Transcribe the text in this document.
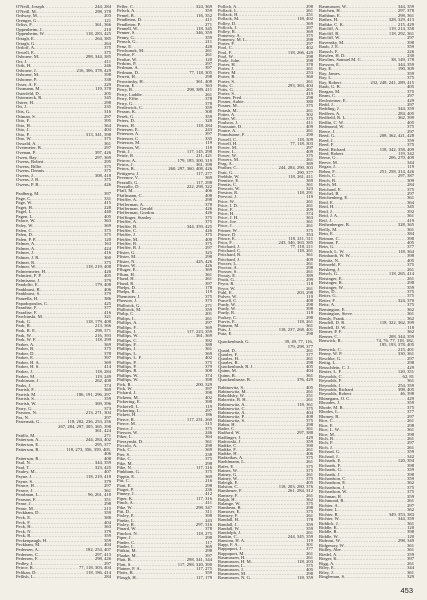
O'Neill, Joseph
.....	244, 284
O'Neill, M.
.....	298, 378
Ordway, M.
.....	203
Orenger, G.
.....	121
Orliss, F.
.....	361, 366
Oppenheim, J.
.....	210
Oppenheim, W.
.....	118, 283, 425
Ortagh, E.
.....	264, 385
Ortagh, G.
.....	264
Ortloff, A.
.....	375
Orwell, E.
.....	375
Osborne, M.
.....	298, 344, 385
Orr, J.
.....	411
Orth, H.
.....	246
Osborne, J.
.....	216, 306, 378, 429
Osborne, M.
.....	398
Osborne, P.
.....	338
Osser, A. F.
.....	229
Ossmann, M.
.....	119, 378
Osterfeld, D.
.....	205
Ostermeck, R.
.....	345
Ostrer, H.
.....	298
Ott, J.
.....	235
Otis, G.
.....	316
Ottman, S.
.....	297
Otto, F.
.....	395
Otto, H.
.....	364
Otto, J.
.....	404
Otto, P.
.....	313, 341, 398
Otto, W.
.....	375
Oswald, A.
.....	361
Overmeier, B.
.....	297
Ovenan, P.
.....	397, 426
Owen, Ray
.....	297, 369
Owens, Robert
.....	295
Owens, Billie
.....	375
Owens, Dennis
.....	375
Owens, J.
.....	308, 418
Owens, J. B.
.....	375
Owens, P. R.
.....	426
Paalberg, M.
.....	397
Page, C.
.....	331
Page, W.
.....	415
Paget, H.
.....	228
Pagel, L.
.....	440
Pagen, L.
.....	405
Palace, W.
.....	363
Paley, W.
.....	369
Palen, C.
.....	375
Palen, D.
.....	375
Palen, P. P.
.....	120
Palmer, A.
.....	163
Palmer, A.
.....	424
Palmer, J.
.....	416
Palmer, J. R.
.....	360
Palmer, R.
.....	375
Palmer, W.
.....	118, 219, 408
Palmermeier, H.
.....	426
Palmieri, F. P.
.....	405
Palmisano, J.
.....	379
Pandolfo, E.
.....	179, 408
Pankhurst, R.
.....	406
Pankhurst, S.
.....	379
Panzella, H.
.....	386
Papadopoulos, C.
.....	425
Paradise, F.
.....	377
Paradise, F.
.....	416
Parchinski, M.
.....	321
Park, G.
.....	118, 179, 408
Park, R.
.....	213, 366
Park, R. E.
.....	298, 371
Park, W.
.....	216, 393
Park, W. F.
.....	118, 299
Parker, A.
.....	369
Parker, B.
.....	375
Parker, D.
.....	378
Parker, E.
.....	397
Parker, H. A.
.....	369
Parker, H. S.
.....	414
Parker, J.
.....	118, 284
Parker, M.
.....	119, 249
Parkinson, J.
.....	262, 408
Parks, J.
.....	374
Parrish, F.
.....	369
Parrish, M.
.....	186, 191, 296, 297
Parrish, S.
.....	359
Parrish, W.
.....	369, 396
Parry, G.
.....	373
Parsons, N.
.....	213, 271, 304
Pas, N.
.....	297
Pasternak, G.
.....	118, 202, 236, 253, 256
267, 284, 297, 305, 365, 398
361, 424
Patillo, M.
.....	271
Patterson, A.
.....	244, 284, 402
Patterson, E.
.....	295, 377
Patterson, R.
.....	118, 273, 356, 359, 405,
406
Patterson, R.
.....	408
Paul, N.
.....	344, 359
Paul, T.
.....	323, 425
Pauley, M.
.....	407
Payne, J.
.....	118, 219, 418
Payne, S.
.....	379
Pearce, H.
.....	297
Pearce, J.
.....	361
Pearlman, L.
.....	96, 261, 418
Pearson, F.
.....	351
Pease, J.
.....	298
Pease, M.
.....	215
Peckham, D.
.....	359
Peck, E.
.....	388
Peck, F.
.....	404
Peck, H.
.....	363
Peck, N.
.....	379
Peck, R.
.....	359
Peckenpaugh, H.
.....	359
Peckham, M.
.....	404
Pedersen, A.
.....	182, 254, 407
Pedersen, C.
.....	297, 413
Pedersen, F.
.....	298, 426
Pedley, J.
.....	297
Peirce, R.
.....	77, 118, 303, 404
Pelikan, D.
.....	118, 186, 414
Pellish, L.
.....	284
Peller, C.
.....	324, 369
Pelsch, A.
.....	359
Pemel, R.
.....	116, 352
Pendleton, D.
.....	411
Pendleton, P.
.....	271
Pennell, W.
.....	118, 345
Penner, S.
.....	346, 359
Penny, G.
.....	359
Pensch, G.
.....	211
Penz, E.
.....	428
Perchonok, M.
.....	261
Perdue, F.
.....	261
Perdue, W.
.....	120
Perkins, P.
.....	297
Perlman, A.
.....	397
Perlman, D.
.....	77, 118, 305
Perrett, H.
.....	298
Perozinsky, H.
.....	361, 408
Perron, E.
.....	363
Perry, R.
.....	298, 389, 411
Perry, Laddie
.....	261
Perry, Effie
.....	378
Perry, G.
.....	378
Pertlewick, C.
.....	359
Perzan, K.
.....	308
Pesek, G.
.....	359
Peters, D.
.....	328
Peters, H.
.....	118, 284
Petersen, E.
.....	243
Peterson, A.
.....	397
Peterson, C.
.....	335
Peterson, M.
.....	119
Peterson, W.
.....	118
Petit, J.
.....	117, 145, 298
Petrie, R.
.....	211, 421
Petrow, A.
.....	179, 185, 300, 319
Petros, J.
.....	361, 398
Petros, R.
.....	260, 297, 360, 408, 426
Pettigrew, J.
.....	117, 277
Pevenov, V.
.....	369
Pezzulli, G.
.....	117, 298
Pezzullo, D.
.....	222, 298, 322
Pfaff, M.
.....	406
Pfaffmann, C.
.....	408
Pfeiffer, A.
.....	298
Pfefferman, A.
.....	378
Pfefferman, Gerald
.....	426
Pfefferman, Gordon
.....	426
Pfeffinger, Stanley
.....	375
Pfeiffer, A.
.....	375
Pfeiffer, B.
.....	344, 359, 425
Pfeiffer, C.
.....	426
Pfeiffer, J.
.....	375
Pfeiffer, M.
.....	408
Pfeiffer, R.
.....	375
Pfeiffer, R. J.
.....	297
Pfister, G.
.....	325
Pfister, M.
.....	298
Pfister, N.
.....	425, 426
Pfister, W.
.....	426
Pfluger, E.
.....	369
Pflum, H.
.....	361
Pfund, H.
.....	261
Pfund, R.
.....	397
Phelps, D.
.....	178
Phelps, R.
.....	119
Phemister, J.
.....	375
Pherson, J.
.....	375
Philbrick, G.
.....	271
Philbrick, M.
.....	359
Philip, C.
.....	201
Philips, L.
.....	261
Phillips, A.
.....	297
Phillips, F.
.....	369
Phillips, J.
.....	117, 223, 359
Phillips, W.
.....	361, 369
Phillips, C.
.....	392
Phillips, F.
.....	388
Phillips, J.
.....	361
Phillips, L.
.....	369
Phillips, L. F.
.....	402
Phillips, P.
.....	375
Phillips, P.
.....	379
Phillips, R.
.....	308
Phillips, W.
.....	374
Phillips, W.
.....	398
Pick, R.
.....	200, 329
Pick, W.
.....	397
Pickard, J.
.....	398
Pickens, M.
.....	402
Pickering, E.
.....	398
Pickerell, L.
.....	119
Pickering, L.
.....	297
Pickett, H.
.....	186
Pierce, R.
.....	117, 231, 260
Pierce, M.
.....	315
Pierce, J.
.....	375
Pierson, W.
.....	246
Piker, L.
.....	364
Pierzynski, D.
.....	361
Piccolo, A.
.....	298
Pick, C.
.....	369
Pier, S.
.....	238
Pike, C.
.....	375
Pike, M.
.....	298
Pike, N.
.....	117, 316
Pinkham, G.
.....	375
Pippin, E.
.....	369
Pitt, C.
.....	216
Piatt, E.
.....	298
Piaget, P.
.....	236
Pinney, J.
.....	412
Piper, K.
.....	117, 316
Pinch, A.
.....	411
Pike, W.
.....	298, 347
Pitt, D.
.....	311
Pixley, E.
.....	398
Pindar, L.
.....	243
Pixley, R.
.....	297, 316
Pinard, W.
.....	378
Pinchot, N.
.....	118, 275
Piper, J.
.....	298
Pinder, C.
.....	117
Pinder, L.
.....	369
Pittkin, M.
.....	298
Plaake, M.
.....	397
Platt, R.
.....	298, 341, 344
Platt, S.
.....	117, 298, 320, 390
Platner, F. A.
.....	117, 275
Plotts, R.
.....	359
Plough, H.
.....	117, 179
Pollich, A.
.....	298
Pollack, L.
.....	261
Pollack, H.
.....	251
Pollack, M.
.....	118, 402
Polley, D.
.....	369
Pollock, J.
.....	297
Polley, R.
.....	369
Pomeroy, A.
.....	375
Pomeroy, M. L.
.....	298
Porter, F.
.....	297
Pool, C.
.....	402
Pool, F.
.....	118, 266, 429
Pool, W.
.....	298
Poole, John
.....	298
Porter, H.
.....	378
Porter, J.
.....	261
Porter, M.
.....	253
Porter, R.
.....	360
Porter, S.
.....	261
Potts, C.
.....	293, 363, 404
Potts, G.
.....	261
Porter, S.
.....	419
Posner, Fred
.....	298
Posner, Aubie
.....	380
Posner, M.
.....	375
Potash, M.
.....	261
Potter, A.
.....	302
Potter, W.
.....	375
Poulson, J.
.....	411
Poussaint, D.
.....	409
Poutre, A.
.....	261
Poundstone, F.
.....	290
Powell, C.
.....	118, 309
Powell, H.
.....	77, 118, 303
Power, M.
.....	297
Power, L.
.....	409
Power, W.
.....	375
Powers, M.
.....	261
Prag, A.
.....	369
Prather, C.
.....	244, 284, 290, 303
Pratt, G.
.....	290, 377
Prebble, W.
.....	118, 261, 411
Prentice, E.
.....	369
Prentis, C.
.....	361
Prescott, W.
.....	323
Preston, R.
.....	118, 291
Prevost, J.
.....	119
Price, W.
.....	261
Price, I. D.
.....	261
Price, F.
.....	209
Price, H.
.....	374
Price, J. H.
.....	363
Price, Joe
.....	361
Price, J.
.....	261
Primer, W.
.....	375
Prince, D.
.....	353
Prince, E.
.....	118, 211, 311
Prior, F.
.....	243, 346, 363, 385
Pritchard, J.
.....	77, 118, 211
Pritchard, C.
.....	118, 261
Pritchard, R.
.....	361
Pritchard, J.
.....	409
Procter, L.
.....	261
Proctor, A.
.....	298
Prosser, S.
.....	261
Prouty, E.
.....	389
Pruitt, G.
.....	299
Pryor, R.
.....	118
Pryor, W.
.....	261
Puhl, E.
.....	203, 298
Pulver, W.
.....	119
Purcell, C.
.....	408
Purdy, W.
.....	298
Purdy, W.
.....	398
Purdy, R.
.....	118
Purkey, C.
.....	298
Purvis, E.
.....	118, 261
Putnam, M.
.....	361
Puts, J.
.....	118, 237, 268, 401
Putz, E.
.....	298
Quackenbush, G.
.....	39, 49, 77, 116,
179, 298, 377
Quaid, D.
.....	261
Quarles, F.
.....	377
Quarles, H.
.....	261
Quarles, R.
.....	298
Quackenbush, B. J.
.....	405
Quinn, M.
.....	404
Quinn, R.
.....	361
Quackenbusse, R.
.....	376, 429
Rabinovitz, S.
.....	405
Rabinowitz, M.
.....	261
Raboldsky, W.
.....	251
Rabovitz, B. H.
.....	261
Rabinowitz, A.
.....	118, 361
Rabinowitz, C.
.....	375
Rabinowitz, A.
.....	404
Rabinowitz, P.
.....	408
Rabinowitz, S.
.....	375
Rabin, H.
.....	298
Rader, C.
.....	361
Radford, W.
.....	297, 388
Radlinger, J.
.....	429
Radowski, J.
.....	359
Radtke, C.
.....	390
Radtke, F.
.....	261
Radtke, H.
.....	406
Radzeikas, A.
.....	375
Raehlmann, L.
.....	261
Rafer, E.
.....	375
Raines, W.
.....	375
Rainey, G.
.....	261
Rainey, W.
.....	375
Raleigh, E.
.....	405
Ralston, C.
.....	118, 203, 280, 376
Rambeuer, F.
.....	261, 284, 312
Ramsey, F.
.....	261
Ralph, H.
.....	362
Ralange, W.
.....	375
Rambeau, R.
.....	298
Ramoser, E.
.....	375
Ramsey, F.
.....	261
Randall, H.
.....	178
Randall, J.
.....	359
Randall, W.
.....	359
Randolph, J.
.....	261
Rankin, C.
.....	244, 345, 359
Ransom, H. A.
.....	119
Rapp, F. A.
.....	301
Rappaport, J.
.....	377
Rappaport, M.
.....	261
Rasmussen, H.
.....	261
Rasmussen, H. M.
.....	118, 203
Rasmussen, L.
.....	375
Rasmussen, J.
.....	405
Rasmussen, M.
.....	298
Rasmussen, N. G.
.....	118, 359
Rasmussen, W.
.....	344, 359
Ratchen, H.
.....	297, 378
Rathbun, E.
.....	298, 361
Rathes, H.
.....	328, 329, 413
Rathke, C. K.
.....	215, 429
Ratcliff, A.
.....	119, 214, 358
Ratcliff, B.
.....	118, 292, 361
Ratcliff, W.
.....	297
Ravensky, M.
.....	398
Raub, J. E.
.....	359
Rausch, F.
.....	226
Rawlen, H. D.
.....	230
Rawlins, Samuel M. C.
.....	38, 149, 178
Rawson, E.
.....	344, 359
Ray, E.
.....	190, 309
Ray, James
.....	359
Ray, L.
.....	375
Ray, Robert
.....	232, 248, 241, 289, 415
Raub, G. B.
.....	405
Reagan, M.
.....	375
Ream, C.
.....	297
Rechsteiner, E.
.....	429
Redd, J.
.....	297
Redding, J.
.....	344, 359
Redfern, A.
.....	284, 405
Redfield, R. L.
.....	362, 399
Redlin, C. W.
.....	405
Redmond, W.
.....	375
Reece, J.
.....	297
Reed, G.
.....	208, 362, 421, 428
Reed, J.
.....	359
Reed, F.
.....	375
Reed, Richard
.....	118, 342, 358, 409
Reed, Robert
.....	119, 342
Reese, G.
.....	206, 270, 409
Reeve, M.
.....	344
Regan, J.
.....	119
Rehm, F.
.....	251, 258, 314, 426
Reich, C.
.....	297, 387
Reich, B.
.....	309
Reich, M.
.....	284
Reichard, E.
.....	375
Reichel, B.
.....	297
Reichenberg, E.
.....	361
Reid, E.
.....	364
Reid, H.
.....	345
Reid, J.
.....	392
Reid, J. A.
.....	361
Reif, J.
.....	419
Reihenberger, B.
.....	328, 365
Reilly, M.
.....	361
Rein, E.
.....	384
Reiman, C.
.....	398
Reiman, F.
.....	405
Rein, G.
.....	377
Reinch, L. W.
.....	118, 364
Reinhardt, W. W.
.....	398
Reinitz, N.
.....	405
Reinoehl, F.
.....	375
Reisberg, J.
.....	261
Reisch, G.
.....	118, 265, 414
Reisinger, E.
.....	261
Reisinger, R.
.....	298
Reisinger, W.
.....	359
Reiss, D.
.....	375
Reiter, G.
.....	375
Reiter, F.
.....	324, 370
Reitz, A.
.....	375
Remington, E.
.....	362
Remington, Steve
.....	361
Remly, Frank
.....	362
Rendell, D. R.
.....	118, 322, 362, 399
Rendell, D. W.
.....	118
Renner, P. F.
.....	362
Renner, C.
.....	208, 344, 359
Renwick, R.
.....	74, 76, 77, 118, 182,
185, 193, 378, 405
Renwick, C.
.....	215, 401
Renny, W. P.
.....	330, 361
Reschke, G.
.....	297
Rettig, L.
.....	298
Reuschlein, C. J.
.....	429
Reuter, L. F.
.....	120, 351
Reynolds, C.
.....	62, 81
Reynolds, F.
.....	361
Reynolds, J.
.....	254, 359
Reynolds, Richard
.....	398, 405
Reynolds, Robert
.....	46, 398
Rhinegans, O. C.
.....	429
Rhoades, J.
.....	359
Rhode, M. R.
.....	375
Rhodes, L.
.....	377
Rhoney, R.
.....	297
Rice, C.
.....	261
Rice, E.
.....	298
Rice, L. W.
.....	361
Rice, M.
.....	398
Rich, B.
.....	261
Rich, F.
.....	297
Rich, J.
.....	261
Richard, G.
.....	359
Richard, J.
.....	342
Richards, E.
.....	120, 394
Richards, F.
.....	398
Richards, G.
.....	359
Richards, J.
.....	398
Richardson, C.
.....	359
Richardson, E.
.....	362
Richardson, J.
.....	375
Richardson, W.
.....	375
Richman, R.
.....	359
Richmond, R.
.....	261
Richter, A.
.....	297
Richter, L.
.....	362
Richter, R.
.....	349, 353, 383
Richter, W.
.....	344, 359
Riddick, J.
.....	361
Riddle, K.
.....	120
Riddle, R.
.....	398
Riddle, W.
.....	120
Rideout, W.
.....	298, 349
Ridgeway, W.
.....	361
Ridley, Abe
.....	361
Riedel, A.
.....	359
Rieger, K.
.....	397
Rigg, A.
.....	261
Riley, E.
.....	344
Riley, J.
.....	361
Ringleman, S.
.....	329
453
